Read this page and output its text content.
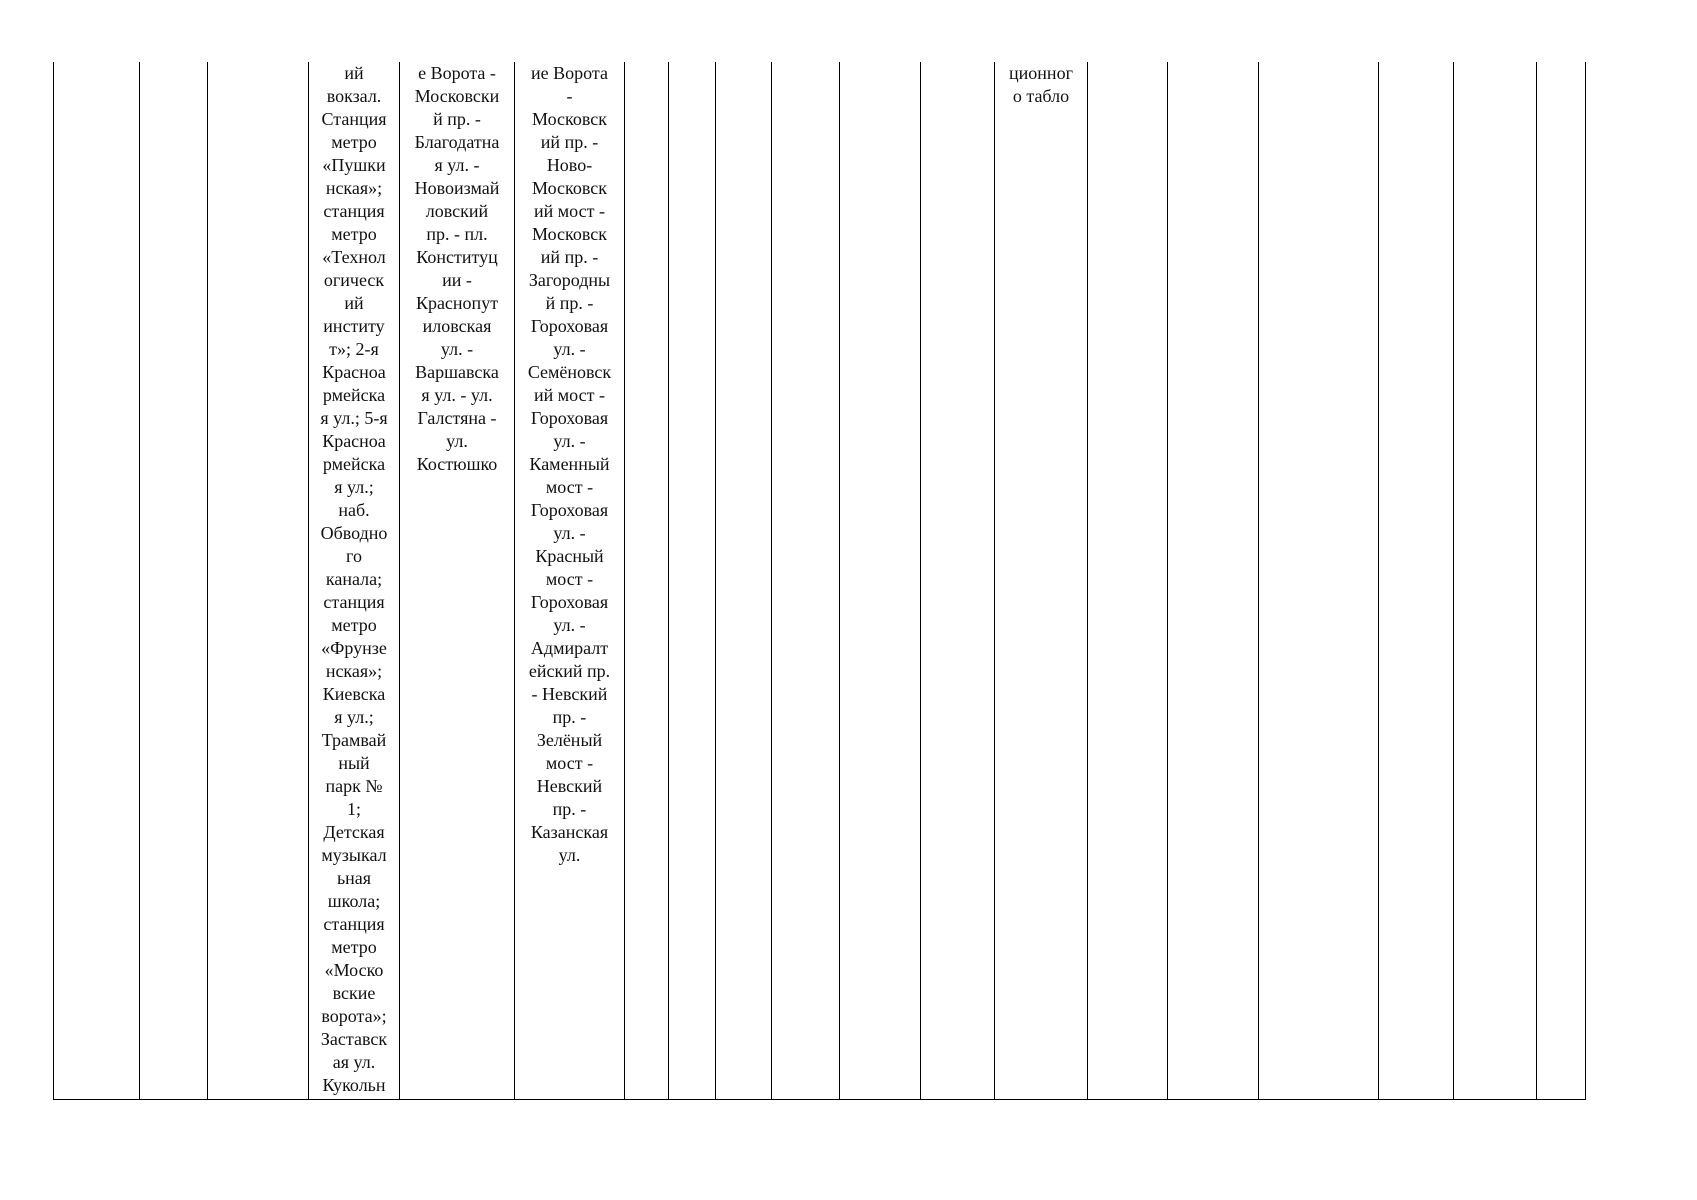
ий
вокзал.
Станция
метро
«Пушки
нская»;
станция
метро
«Технол
огическ
ий
институ
т»; 2-я
Красноа
рмейска
я ул.; 5-я
Красноа
рмейска
я ул.;
наб.
Обводно
го
канала;
станция
метро
«Фрунзе
нская»;
Киевска
я ул.;
Трамвай
ный
парк №
1;
Детская
музыкал
ьная
школа;
станция
метро
«Моско
вские
ворота»;
Заставск
ая ул.
Кукольн
е Ворота -
Московски
й пр. -
Благодатна
я ул. -
Новоизмай
ловский
пр. - пл.
Конституц
ии -
Краснопут
иловская
ул. -
Варшавска
я ул. - ул.
Галстяна -
ул.
Костюшко
ие Ворота
-
Московск
ий пр. -
Ново-
Московск
ий мост -
Московск
ий пр. -
Загородны
й пр. -
Гороховая
ул. -
Семёновск
ий мост -
Гороховая
ул. -
Каменный
мост -
Гороховая
ул. -
Красный
мост -
Гороховая
ул. -
Адмиралт
ейский пр.
- Невский
пр. -
Зелёный
мост -
Невский
пр. -
Казанская
ул.
ционног
о табло
